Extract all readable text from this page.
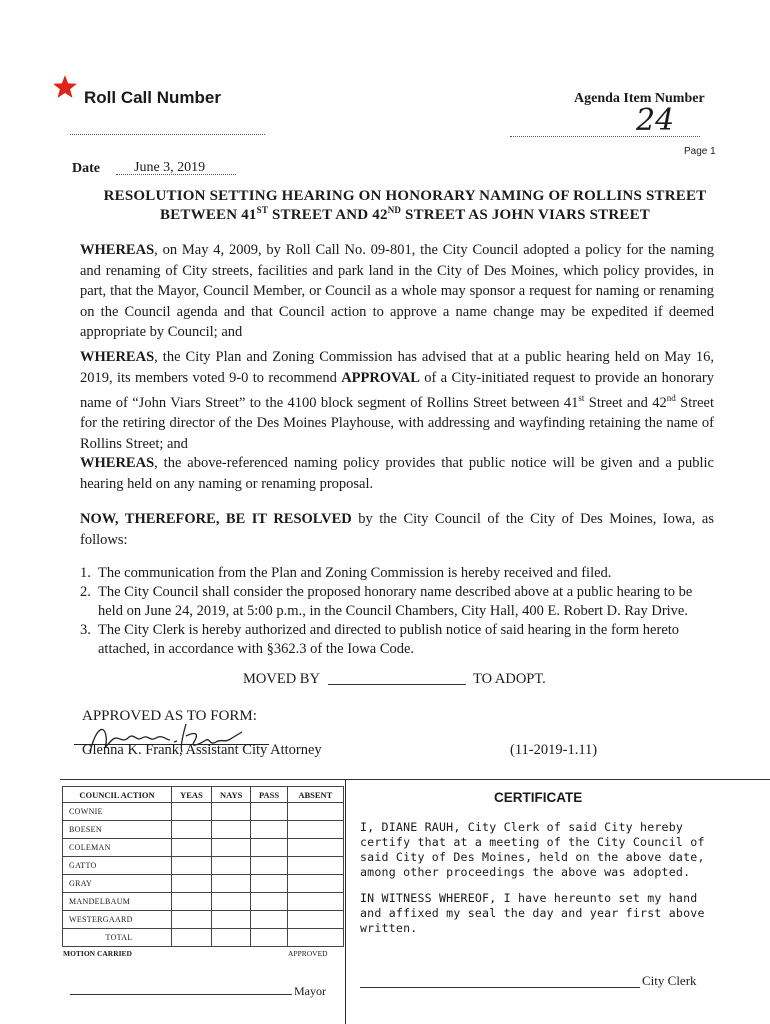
Roll Call Number	Agenda Item Number
24
Page 1
Date June 3, 2019
RESOLUTION SETTING HEARING ON HONORARY NAMING OF ROLLINS STREET
BETWEEN 41ST STREET AND 42ND STREET AS JOHN VIARS STREET
WHEREAS, on May 4, 2009, by Roll Call No. 09-801, the City Council adopted a policy for the naming and renaming of City streets, facilities and park land in the City of Des Moines, which policy provides, in part, that the Mayor, Council Member, or Council as a whole may sponsor a request for naming or renaming on the Council agenda and that Council action to approve a name change may be expedited if deemed appropriate by Council; and
WHEREAS, the City Plan and Zoning Commission has advised that at a public hearing held on May 16, 2019, its members voted 9-0 to recommend APPROVAL of a City-initiated request to provide an honorary name of “John Viars Street” to the 4100 block segment of Rollins Street between 41st Street and 42nd Street for the retiring director of the Des Moines Playhouse, with addressing and wayfinding retaining the name of Rollins Street; and
WHEREAS, the above-referenced naming policy provides that public notice will be given and a public hearing held on any naming or renaming proposal.
NOW, THEREFORE, BE IT RESOLVED by the City Council of the City of Des Moines, Iowa, as follows:
1. The communication from the Plan and Zoning Commission is hereby received and filed.
2. The City Council shall consider the proposed honorary name described above at a public hearing to be held on June 24, 2019, at 5:00 p.m., in the Council Chambers, City Hall, 400 E. Robert D. Ray Drive.
3. The City Clerk is hereby authorized and directed to publish notice of said hearing in the form hereto attached, in accordance with §362.3 of the Iowa Code.
MOVED BY	TO ADOPT.
APPROVED AS TO FORM:
Glenna K. Frank, Assistant City Attorney	(11-2019-1.11)
COUNCIL ACTION	YEAS	NAYS	PASS	ABSENT
COWNIE				
BOESEN				
COLEMAN				
GATTO				
GRAY				
MANDELBAUM				
WESTERGAARD				
TOTAL				
MOTION CARRIED	APPROVED
Mayor
CERTIFICATE
I, DIANE RAUH, City Clerk of said City hereby certify that at a meeting of the City Council of said City of Des Moines, held on the above date, among other proceedings the above was adopted.
IN WITNESS WHEREOF, I have hereunto set my hand and affixed my seal the day and year first above written.
City Clerk
